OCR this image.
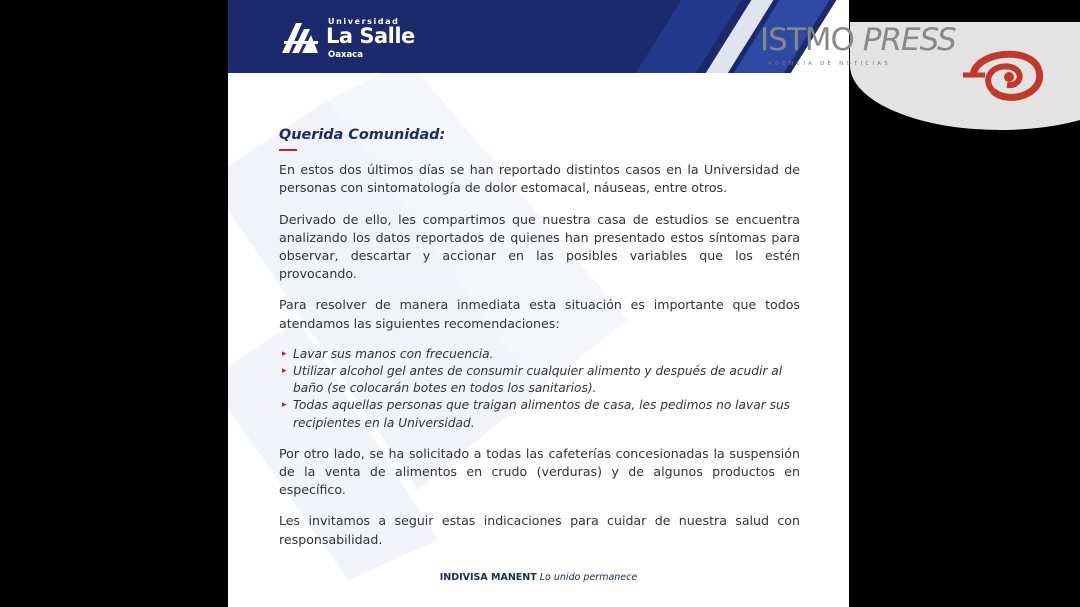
Universidad
La Salle
Oaxaca
Querida Comunidad:

En estos dos últimos días se han reportado distintos casos en la Universidad de personas con sintomatología de dolor estomacal, náuseas, entre otros.

Derivado de ello, les compartimos que nuestra casa de estudios se encuentra analizando los datos reportados de quienes han presentado estos síntomas para observar, descartar y accionar en las posibles variables que los estén provocando.

Para resolver de manera inmediata esta situación es importante que todos atendamos las siguientes recomendaciones:

▸ Lavar sus manos con frecuencia.
▸ Utilizar alcohol gel antes de consumir cualquier alimento y después de acudir al baño (se colocarán botes en todos los sanitarios).
▸ Todas aquellas personas que traigan alimentos de casa, les pedimos no lavar sus recipientes en la Universidad.

Por otro lado, se ha solicitado a todas las cafeterías concesionadas la suspensión de la venta de alimentos en crudo (verduras) y de algunos productos en específico.

Les invitamos a seguir estas indicaciones para cuidar de nuestra salud con responsabilidad.

INDIVISA MANENT Lo unido permanece
ISTMO PRESS
AGENCIA DE NOTICIAS
